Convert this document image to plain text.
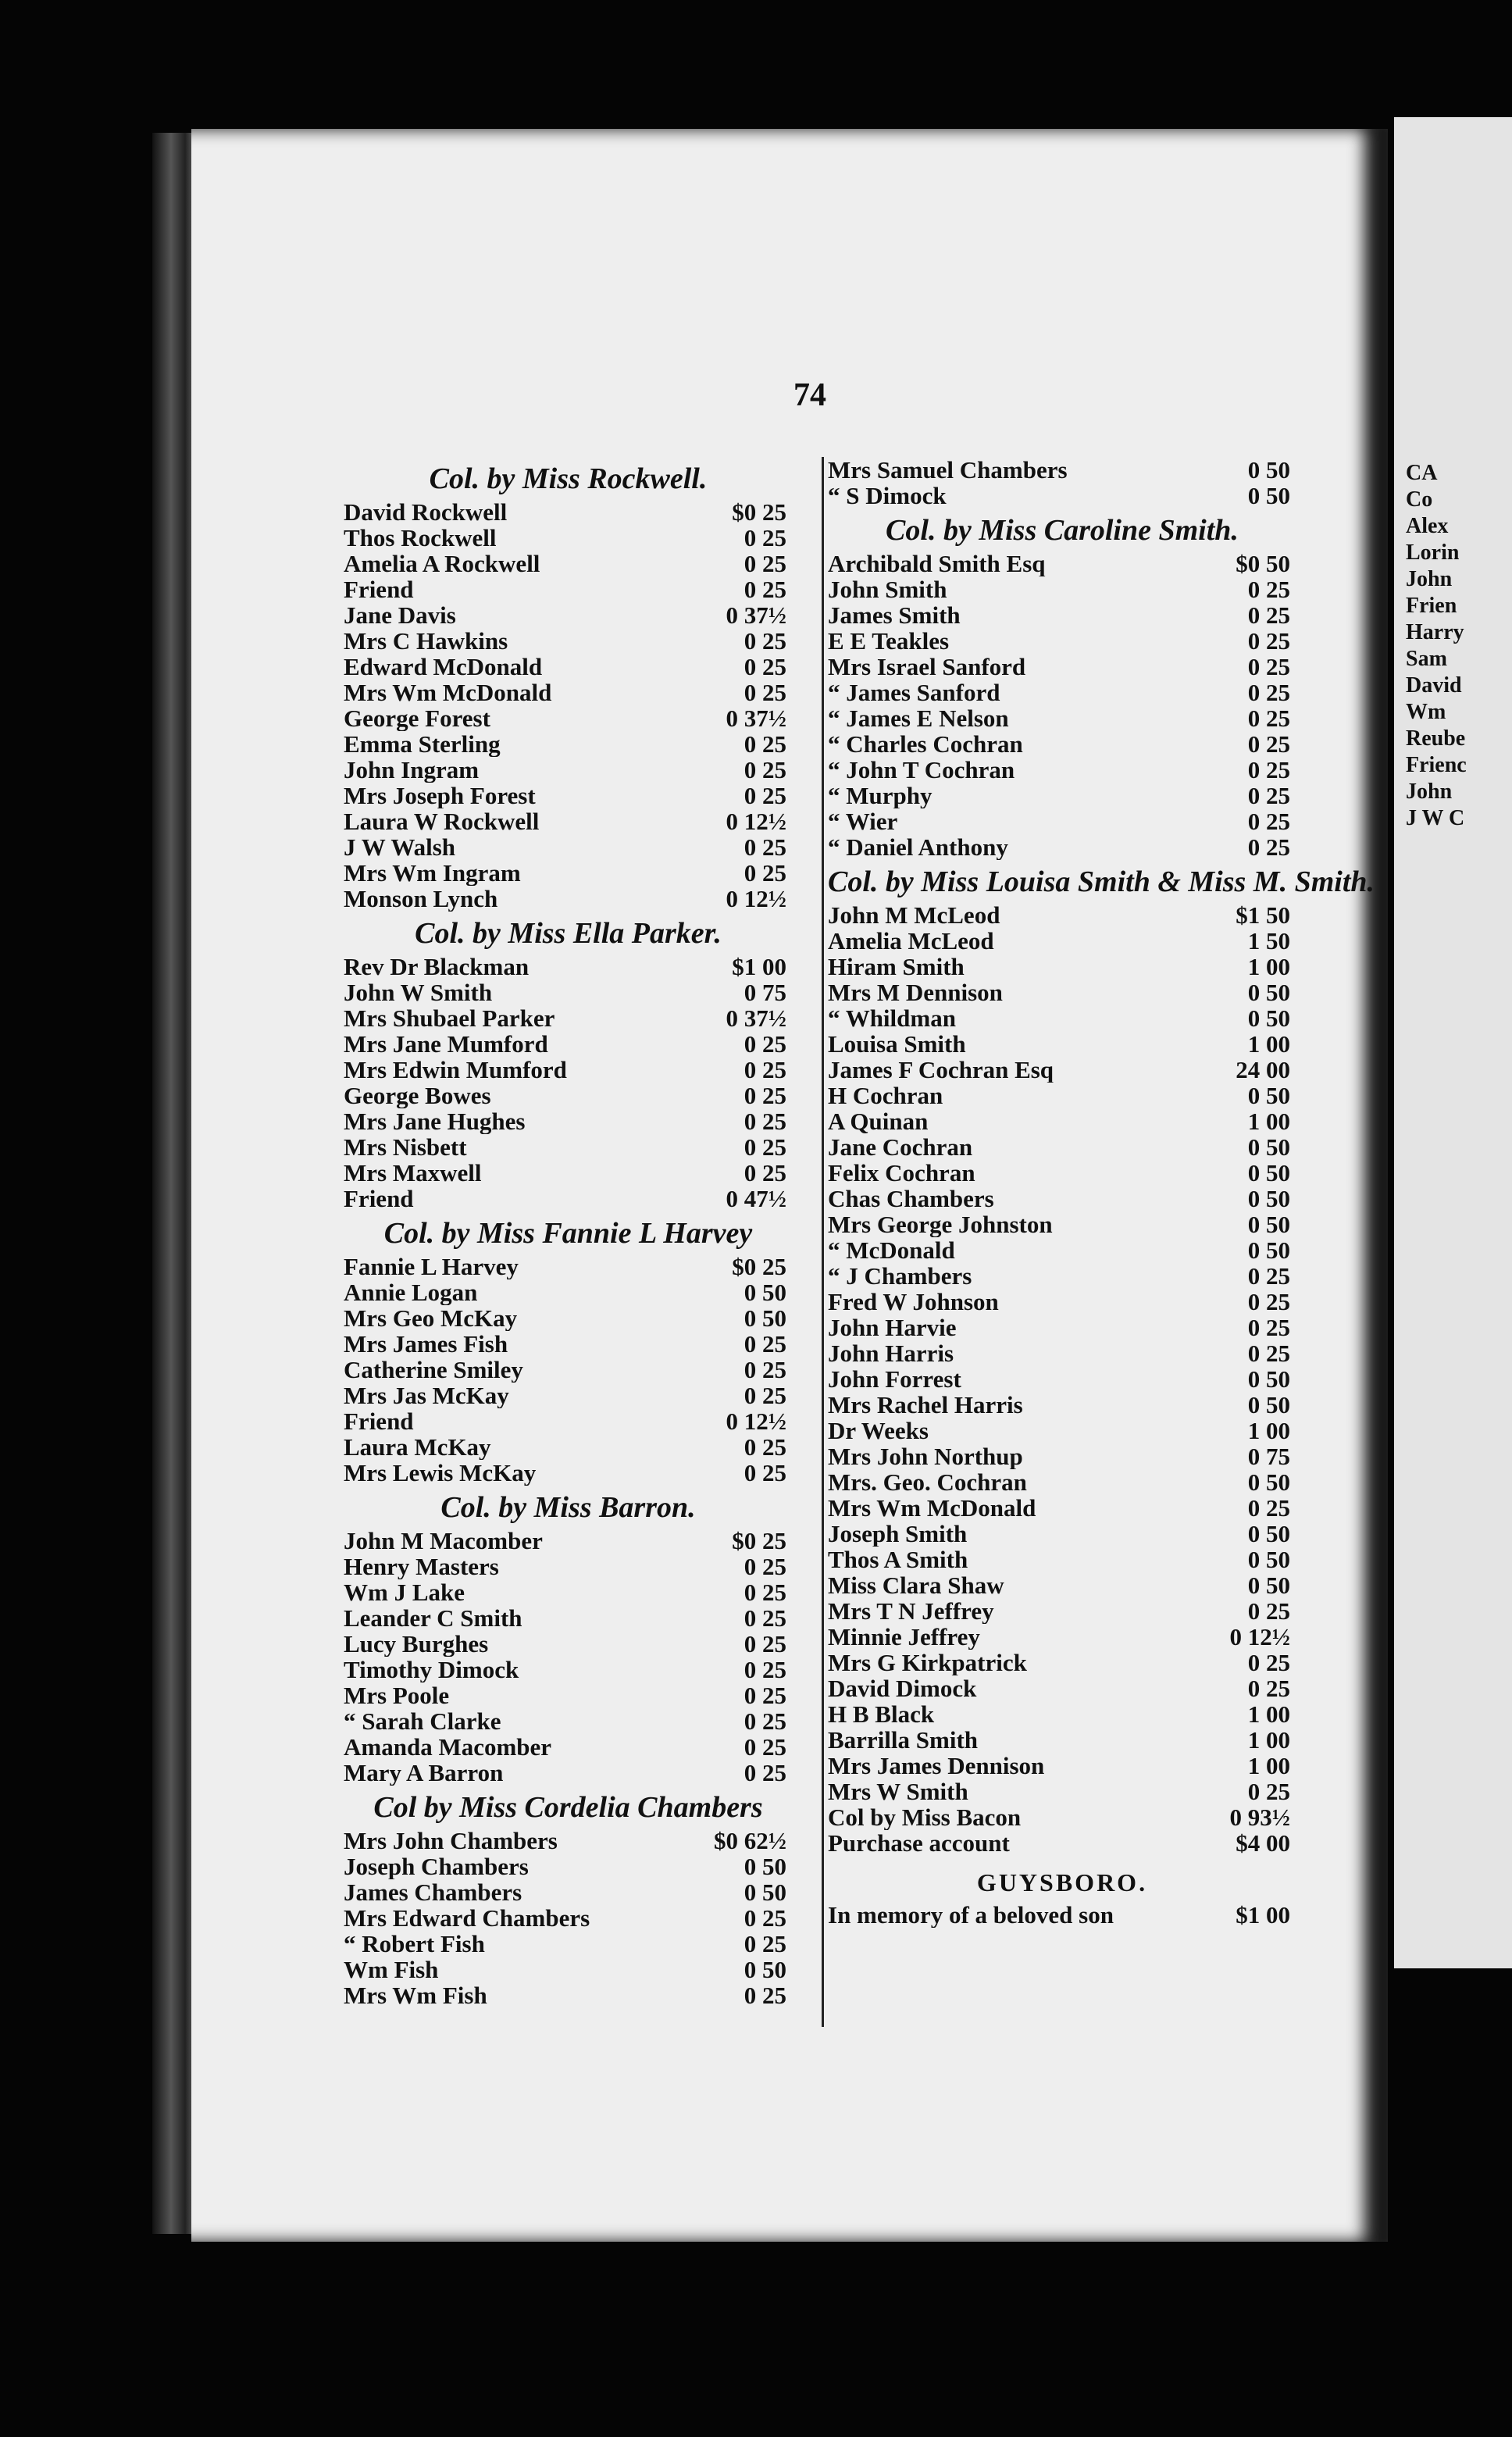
74
Col. by Miss Rockwell.
David Rockwell	$0 25
Thos Rockwell	0 25
Amelia A Rockwell	0 25
Friend	0 25
Jane Davis	0 37½
Mrs C Hawkins	0 25
Edward McDonald	0 25
Mrs Wm McDonald	0 25
George Forest	0 37½
Emma Sterling	0 25
John Ingram	0 25
Mrs Joseph Forest	0 25
Laura W Rockwell	0 12½
J W Walsh	0 25
Mrs Wm Ingram	0 25
Monson Lynch	0 12½
Col. by Miss Ella Parker.
Rev Dr Blackman	$1 00
John W Smith	0 75
Mrs Shubael Parker	0 37½
Mrs Jane Mumford	0 25
Mrs Edwin Mumford	0 25
George Bowes	0 25
Mrs Jane Hughes	0 25
Mrs Nisbett	0 25
Mrs Maxwell	0 25
Friend	0 47½
Col. by Miss Fannie L Harvey
Fannie L Harvey	$0 25
Annie Logan	0 50
Mrs Geo McKay	0 50
Mrs James Fish	0 25
Catherine Smiley	0 25
Mrs Jas McKay	0 25
Friend	0 12½
Laura McKay	0 25
Mrs Lewis McKay	0 25
Col. by Miss Barron.
John M Macomber	$0 25
Henry Masters	0 25
Wm J Lake	0 25
Leander C Smith	0 25
Lucy Burghes	0 25
Timothy Dimock	0 25
Mrs Poole	0 25
“ Sarah Clarke	0 25
Amanda Macomber	0 25
Mary A Barron	0 25
Col by Miss Cordelia Chambers
Mrs John Chambers	$0 62½
Joseph Chambers	0 50
James Chambers	0 50
Mrs Edward Chambers	0 25
“ Robert Fish	0 25
Wm Fish	0 50
Mrs Wm Fish	0 25
Mrs Samuel Chambers	0 50
“ S Dimock	0 50
Col. by Miss Caroline Smith.
Archibald Smith Esq	$0 50
John Smith	0 25
James Smith	0 25
E E Teakles	0 25
Mrs Israel Sanford	0 25
“ James Sanford	0 25
“ James E Nelson	0 25
“ Charles Cochran	0 25
“ John T Cochran	0 25
“ Murphy	0 25
“ Wier	0 25
“ Daniel Anthony	0 25
Col. by Miss Louisa Smith & Miss M. Smith.
John M McLeod	$1 50
Amelia McLeod	1 50
Hiram Smith	1 00
Mrs M Dennison	0 50
“ Whildman	0 50
Louisa Smith	1 00
James F Cochran Esq	24 00
H Cochran	0 50
A Quinan	1 00
Jane Cochran	0 50
Felix Cochran	0 50
Chas Chambers	0 50
Mrs George Johnston	0 50
“ McDonald	0 50
“ J Chambers	0 25
Fred W Johnson	0 25
John Harvie	0 25
John Harris	0 25
John Forrest	0 50
Mrs Rachel Harris	0 50
Dr Weeks	1 00
Mrs John Northup	0 75
Mrs. Geo. Cochran	0 50
Mrs Wm McDonald	0 25
Joseph Smith	0 50
Thos A Smith	0 50
Miss Clara Shaw	0 50
Mrs T N Jeffrey	0 25
Minnie Jeffrey	0 12½
Mrs G Kirkpatrick	0 25
David Dimock	0 25
H B Black	1 00
Barrilla Smith	1 00
Mrs James Dennison	1 00
Mrs W Smith	0 25
Col by Miss Bacon	0 93½
Purchase account	$4 00
GUYSBORO.
In memory of a beloved son	$1 00
CA
Co
Alex
Lorin
John
Frien
Harry
Sam
David
Wm
Reube
Frienc
John
J W C
